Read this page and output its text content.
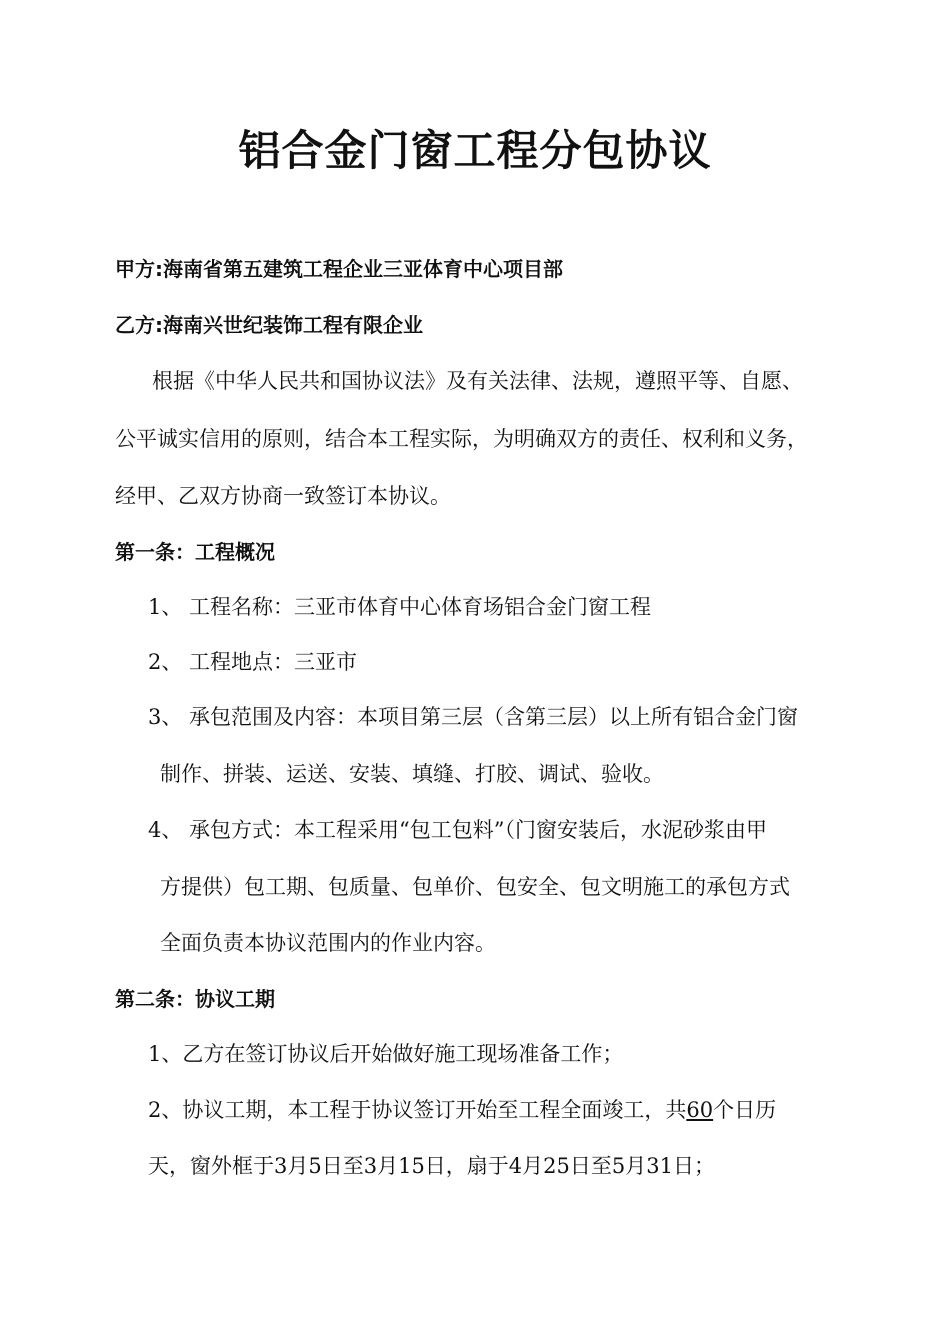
铝合金门窗工程分包协议
甲方:海南省第五建筑工程企业三亚体育中心项目部
乙方:海南兴世纪装饰工程有限企业
根据《中华人民共和国协议法》及有关法律、法规，遵照平等、自愿、
公平诚实信用的原则，结合本工程实际，为明确双方的责任、权利和义务，
经甲、乙双方协商一致签订本协议。
第一条：工程概况
1、 工程名称：三亚市体育中心体育场铝合金门窗工程
2、 工程地点：三亚市
3、 承包范围及内容：本项目第三层（含第三层）以上所有铝合金门窗
制作、拼装、运送、安装、填缝、打胶、调试、验收。
4、 承包方式：本工程采用“包工包料”（门窗安装后，水泥砂浆由甲
方提供）包工期、包质量、包单价、包安全、包文明施工的承包方式
全面负责本协议范围内的作业内容。
第二条：协议工期
1、乙方在签订协议后开始做好施工现场准备工作；
2、协议工期，本工程于协议签订开始至工程全面竣工，共60个日历
天，窗外框于3月5日至3月15日，扇于4月25日至5月31日；
